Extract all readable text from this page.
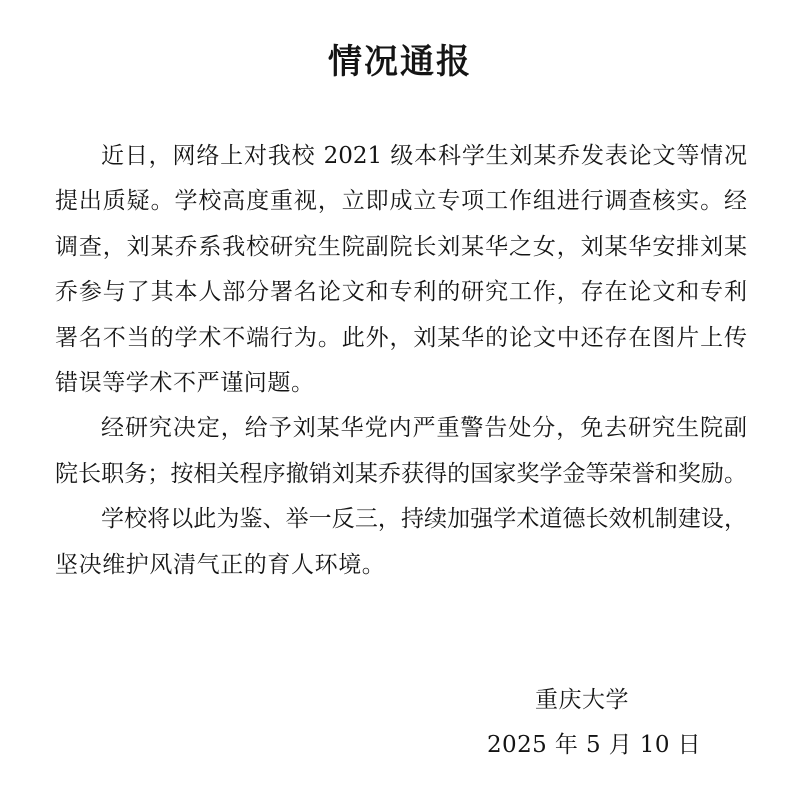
情况通报
近日，网络上对我校 2021 级本科学生刘某乔发表论文等情况
提出质疑。学校高度重视，立即成立专项工作组进行调查核实。经
调查，刘某乔系我校研究生院副院长刘某华之女，刘某华安排刘某
乔参与了其本人部分署名论文和专利的研究工作，存在论文和专利
署名不当的学术不端行为。此外，刘某华的论文中还存在图片上传
错误等学术不严谨问题。
经研究决定，给予刘某华党内严重警告处分，免去研究生院副
院长职务；按相关程序撤销刘某乔获得的国家奖学金等荣誉和奖励。
学校将以此为鉴、举一反三，持续加强学术道德长效机制建设，
坚决维护风清气正的育人环境。
重庆大学
2025 年 5 月 10 日
